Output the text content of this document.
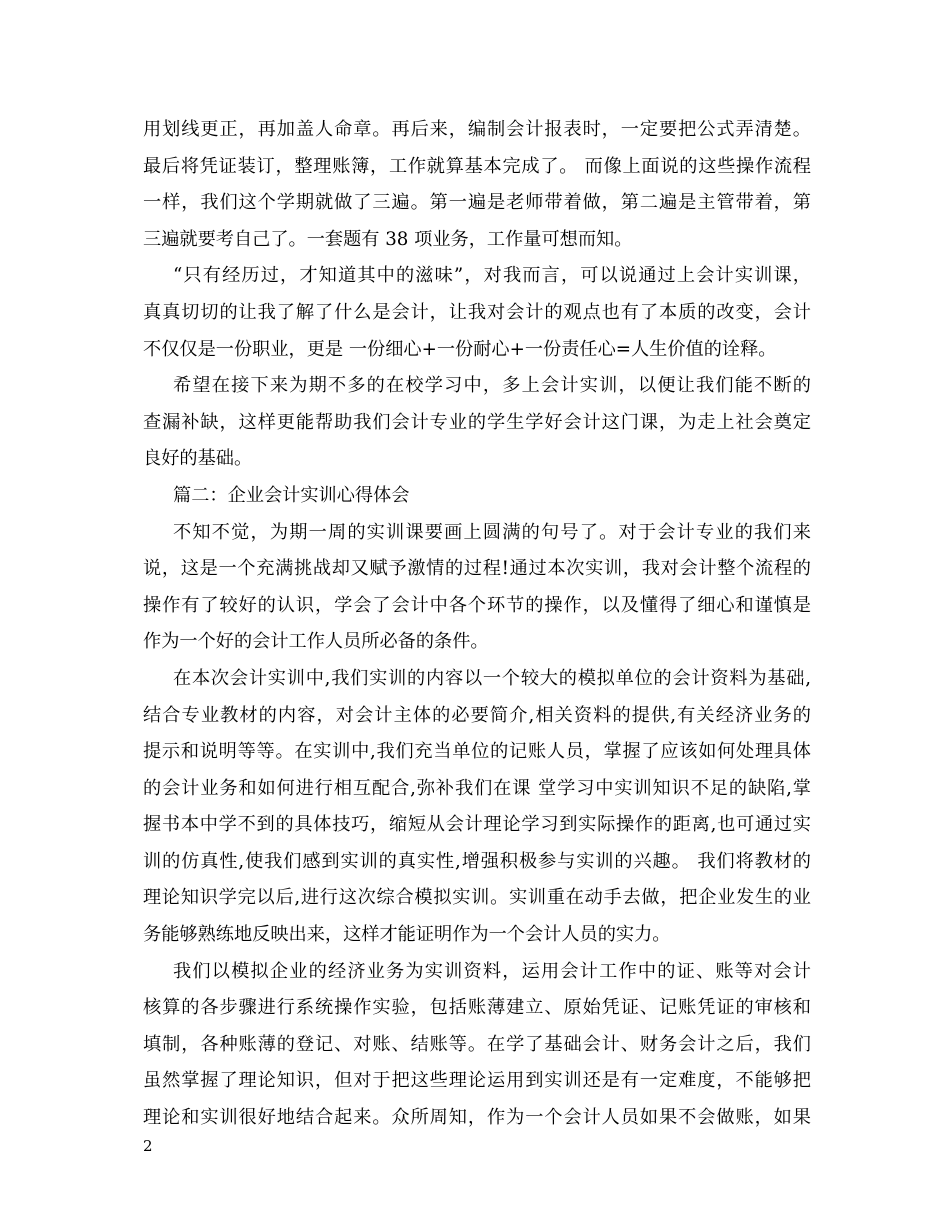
用划线更正，再加盖人命章。再后来，编制会计报表时，一定要把公式弄清楚。
最后将凭证装订，整理账簿，工作就算基本完成了。 而像上面说的这些操作流程
一样，我们这个学期就做了三遍。第一遍是老师带着做，第二遍是主管带着，第
三遍就要考自己了。一套题有 38 项业务，工作量可想而知。
“只有经历过，才知道其中的滋味”，对我而言，可以说通过上会计实训课，
真真切切的让我了解了什么是会计，让我对会计的观点也有了本质的改变，会计
不仅仅是一份职业，更是 一份细心+一份耐心+一份责任心=人生价值的诠释。
希望在接下来为期不多的在校学习中，多上会计实训，以便让我们能不断的
查漏补缺，这样更能帮助我们会计专业的学生学好会计这门课，为走上社会奠定
良好的基础。
篇二：企业会计实训心得体会
不知不觉，为期一周的实训课要画上圆满的句号了。对于会计专业的我们来
说，这是一个充满挑战却又赋予激情的过程!通过本次实训，我对会计整个流程的
操作有了较好的认识，学会了会计中各个环节的操作，以及懂得了细心和谨慎是
作为一个好的会计工作人员所必备的条件。
在本次会计实训中,我们实训的内容以一个较大的模拟单位的会计资料为基础,
结合专业教材的内容，对会计主体的必要简介,相关资料的提供,有关经济业务的
提示和说明等等。在实训中,我们充当单位的记账人员，掌握了应该如何处理具体
的会计业务和如何进行相互配合,弥补我们在课 堂学习中实训知识不足的缺陷,掌
握书本中学不到的具体技巧，缩短从会计理论学习到实际操作的距离,也可通过实
训的仿真性,使我们感到实训的真实性,增强积极参与实训的兴趣。 我们将教材的
理论知识学完以后,进行这次综合模拟实训。实训重在动手去做，把企业发生的业
务能够熟练地反映出来，这样才能证明作为一个会计人员的实力。
我们以模拟企业的经济业务为实训资料，运用会计工作中的证、账等对会计
核算的各步骤进行系统操作实验，包括账薄建立、原始凭证、记账凭证的审核和
填制，各种账薄的登记、对账、结账等。在学了基础会计、财务会计之后，我们
虽然掌握了理论知识，但对于把这些理论运用到实训还是有一定难度，不能够把
理论和实训很好地结合起来。众所周知，作为一个会计人员如果不会做账，如果
2
